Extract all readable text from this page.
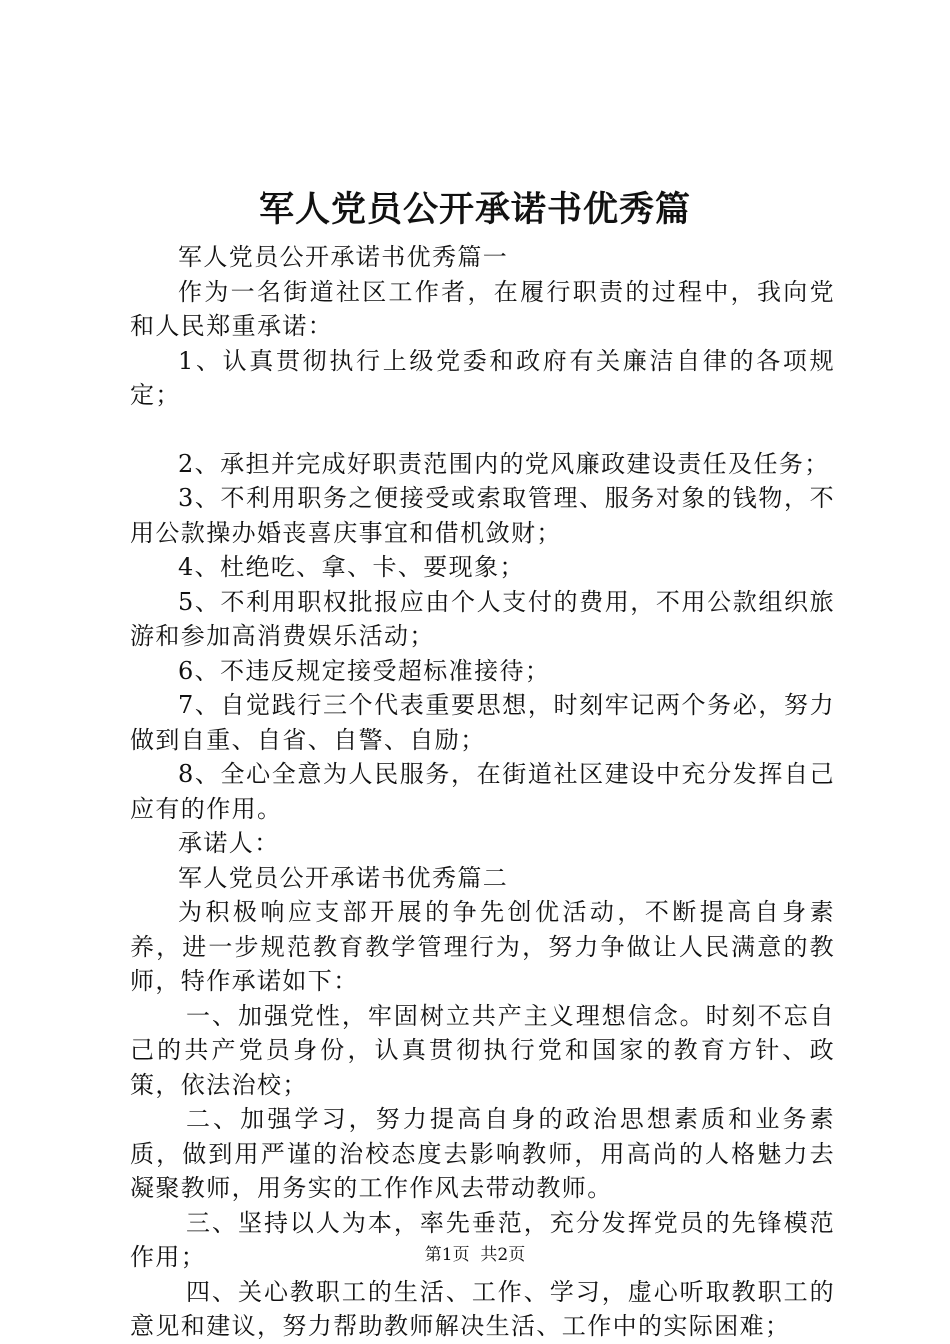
军人党员公开承诺书优秀篇

军人党员公开承诺书优秀篇一

作为一名街道社区工作者，在履行职责的过程中，我向党和人民郑重承诺：

1、认真贯彻执行上级党委和政府有关廉洁自律的各项规定；

2、承担并完成好职责范围内的党风廉政建设责任及任务；

3、不利用职务之便接受或索取管理、服务对象的钱物，不用公款操办婚丧喜庆事宜和借机敛财；

4、杜绝吃、拿、卡、要现象；

5、不利用职权批报应由个人支付的费用，不用公款组织旅游和参加高消费娱乐活动；

6、不违反规定接受超标准接待；

7、自觉践行三个代表重要思想，时刻牢记两个务必，努力做到自重、自省、自警、自励；

8、全心全意为人民服务，在街道社区建设中充分发挥自己应有的作用。

承诺人：

军人党员公开承诺书优秀篇二

为积极响应支部开展的争先创优活动，不断提高自身素养，进一步规范教育教学管理行为，努力争做让人民满意的教师，特作承诺如下：

一、加强党性，牢固树立共产主义理想信念。时刻不忘自己的共产党员身份，认真贯彻执行党和国家的教育方针、政策，依法治校；

二、加强学习，努力提高自身的政治思想素质和业务素质，做到用严谨的治校态度去影响教师，用高尚的人格魅力去凝聚教师，用务实的工作作风去带动教师。

三、坚持以人为本，率先垂范，充分发挥党员的先锋模范作用；

四、关心教职工的生活、工作、学习，虚心听取教职工的意见和建议，努力帮助教师解决生活、工作中的实际困难；

第1页  共2页
